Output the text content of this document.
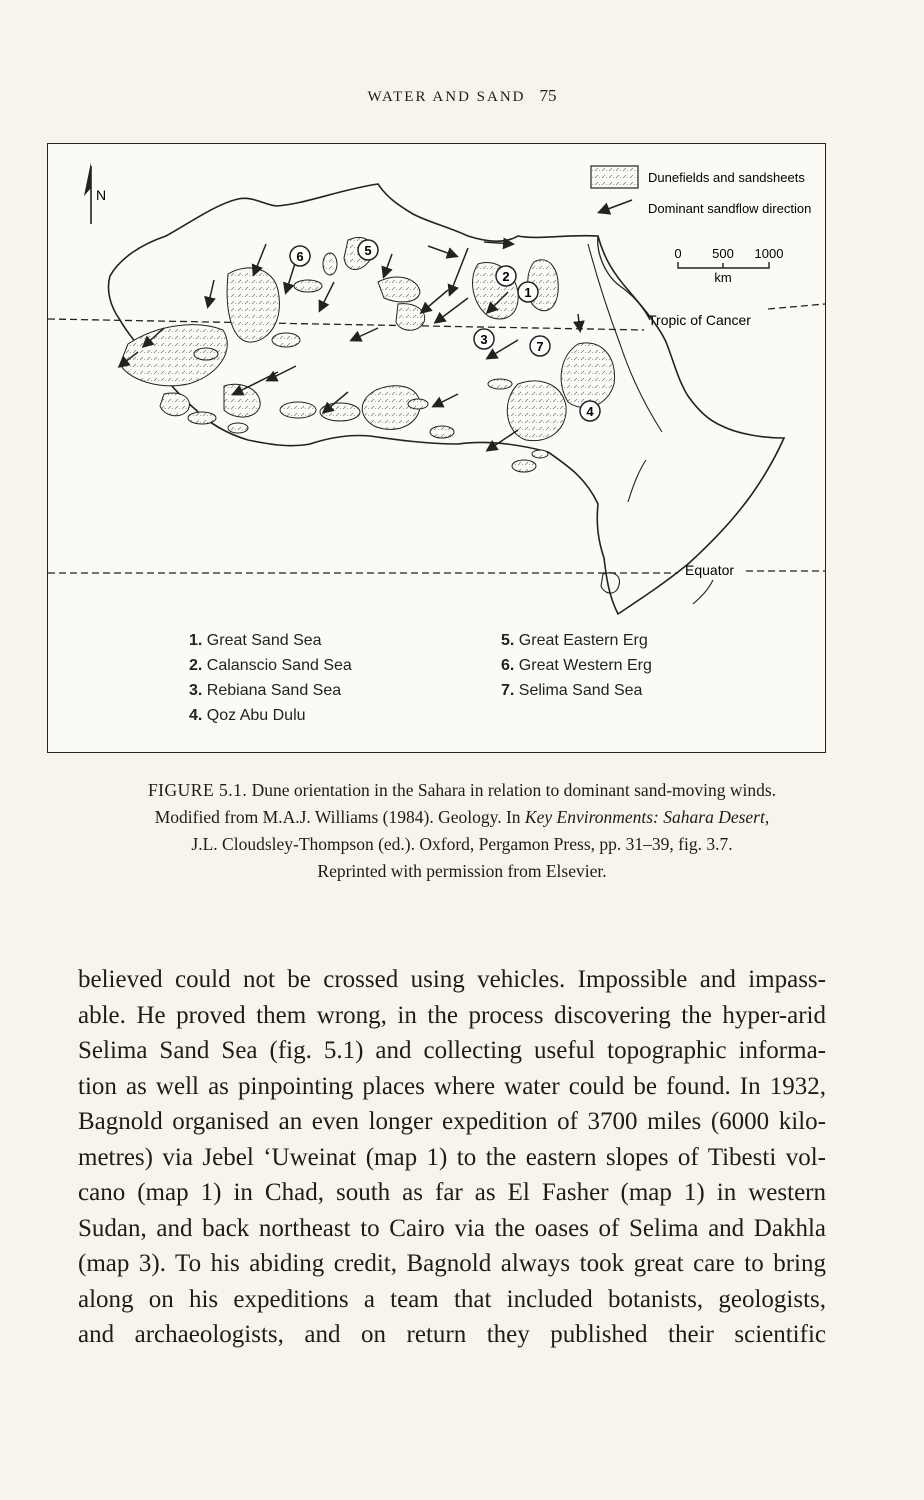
WATER AND SAND 75
N
Tropic of Cancer
Equator
1
2
3
4
5
6
7
Dunefields and sandsheets
Dominant sandflow direction
0 500 1000
km
1. Great Sand Sea
2. Calanscio Sand Sea
3. Rebiana Sand Sea
4. Qoz Abu Dulu
5. Great Eastern Erg
6. Great Western Erg
7. Selima Sand Sea
FIGURE 5.1. Dune orientation in the Sahara in relation to dominant sand-moving winds.
Modified from M.A.J. Williams (1984). Geology. In Key Environments: Sahara Desert,
J.L. Cloudsley-Thompson (ed.). Oxford, Pergamon Press, pp. 31–39, fig. 3.7.
Reprinted with permission from Elsevier.
believed could not be crossed using vehicles. Impossible and impass-
able. He proved them wrong, in the process discovering the hyper-arid
Selima Sand Sea (fig. 5.1) and collecting useful topographic informa-
tion as well as pinpointing places where water could be found. In 1932,
Bagnold organised an even longer expedition of 3700 miles (6000 kilo-
metres) via Jebel ‘Uweinat (map 1) to the eastern slopes of Tibesti vol-
cano (map 1) in Chad, south as far as El Fasher (map 1) in western
Sudan, and back northeast to Cairo via the oases of Selima and Dakhla
(map 3). To his abiding credit, Bagnold always took great care to bring
along on his expeditions a team that included botanists, geologists,
and archaeologists, and on return they published their scientific
